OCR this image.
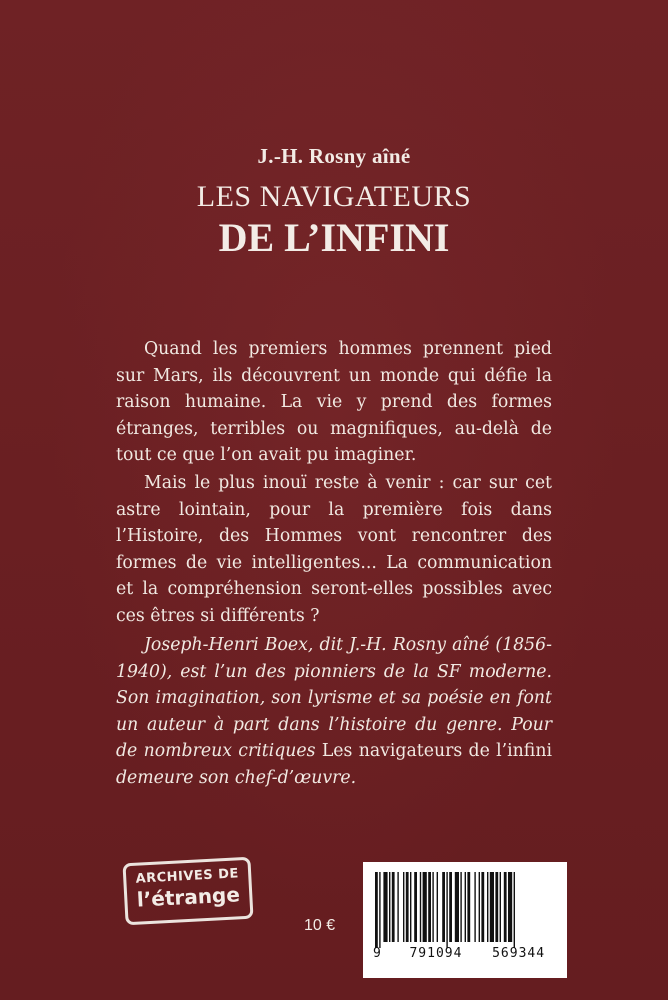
J.-H. Rosny aîné
LES NAVIGATEURS
DE L’INFINI

Quand les premiers hommes prennent pied sur Mars, ils découvrent un monde qui défie la raison humaine. La vie y prend des formes étranges, terribles ou magnifiques, au-delà de tout ce que l’on avait pu imaginer.

Mais le plus inouï reste à venir : car sur cet astre lointain, pour la première fois dans l’Histoire, des Hommes vont rencontrer des formes de vie intelligentes... La communication et la compréhension seront-elles possibles avec ces êtres si différents ?

Joseph-Henri Boex, dit J.-H. Rosny aîné (1856-1940), est l’un des pionniers de la SF moderne. Son imagination, son lyrisme et sa poésie en font un auteur à part dans l’histoire du genre. Pour de nombreux critiques Les navigateurs de l’infini demeure son chef-d’œuvre.

ARCHIVES DE
l’étrange
10 €
9 791094 569344
